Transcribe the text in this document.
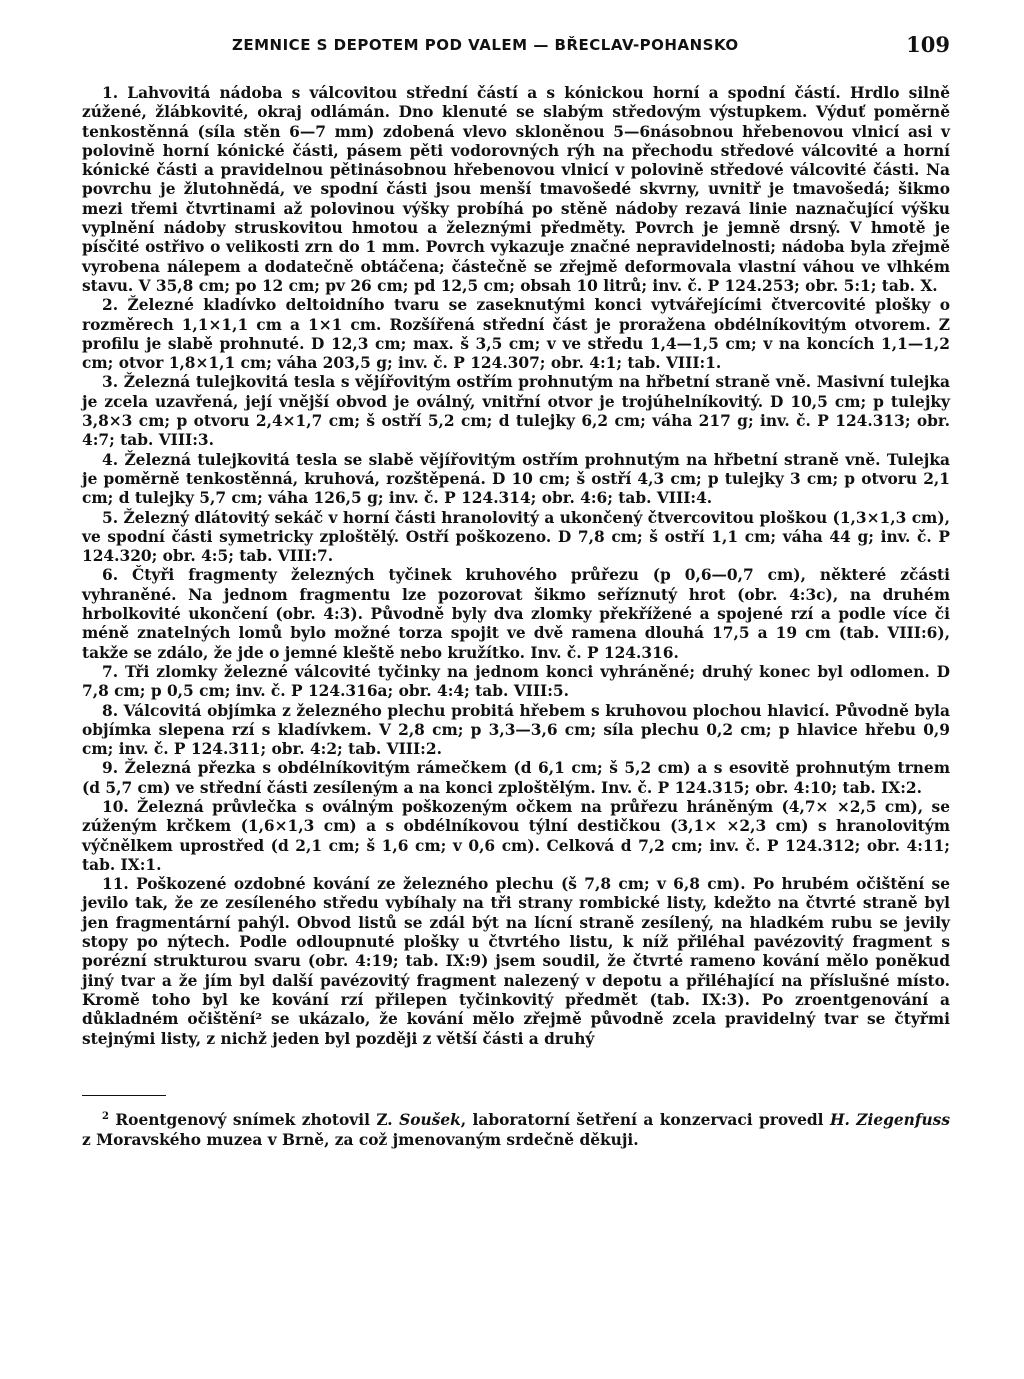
ZEMNICE S DEPOTEM POD VALEM — BŘECLAV-POHANSKO	109

1. Lahvovitá nádoba s válcovitou střední částí a s kónickou horní a spodní částí. Hrdlo silně zúžené, žlábkovité, okraj odlámán. Dno klenuté se slabým středovým výstupkem. Výduť poměrně tenkostěnná (síla stěn 6—7 mm) zdobená vlevo skloněnou 5—6násobnou hřebenovou vlnicí asi v polovině horní kónické části, pásem pěti vodorovných rýh na přechodu středové válcovité a horní kónické části a pravidelnou pětinásobnou hřebenovou vlnicí v polovině středové válcovité části. Na povrchu je žlutohnědá, ve spodní části jsou menší tmavošedé skvrny, uvnitř je tmavošedá; šikmo mezi třemi čtvrtinami až polovinou výšky probíhá po stěně nádoby rezavá linie naznačující výšku vyplnění nádoby struskovitou hmotou a železnými předměty. Povrch je jemně drsný. V hmotě je písčité ostřivo o velikosti zrn do 1 mm. Povrch vykazuje značné nepravidelnosti; nádoba byla zřejmě vyrobena nálepem a dodatečně obtáčena; částečně se zřejmě deformovala vlastní váhou ve vlhkém stavu. V 35,8 cm; po 12 cm; pv 26 cm; pd 12,5 cm; obsah 10 litrů; inv. č. P 124.253; obr. 5:1; tab. X.

2. Železné kladívko deltoidního tvaru se zaseknutými konci vytvářejícími čtvercovité plošky o rozměrech 1,1×1,1 cm a 1×1 cm. Rozšířená střední část je proražena obdélníkovitým otvorem. Z profilu je slabě prohnuté. D 12,3 cm; max. š 3,5 cm; v ve středu 1,4—1,5 cm; v na koncích 1,1—1,2 cm; otvor 1,8×1,1 cm; váha 203,5 g; inv. č. P 124.307; obr. 4:1; tab. VIII:1.

3. Železná tulejkovitá tesla s vějířovitým ostřím prohnutým na hřbetní straně vně. Masivní tulejka je zcela uzavřená, její vnější obvod je oválný, vnitřní otvor je trojúhelníkovitý. D 10,5 cm; p tulejky 3,8×3 cm; p otvoru 2,4×1,7 cm; š ostří 5,2 cm; d tulejky 6,2 cm; váha 217 g; inv. č. P 124.313; obr. 4:7; tab. VIII:3.

4. Železná tulejkovitá tesla se slabě vějířovitým ostřím prohnutým na hřbetní straně vně. Tulejka je poměrně tenkostěnná, kruhová, rozštěpená. D 10 cm; š ostří 4,3 cm; p tulejky 3 cm; p otvoru 2,1 cm; d tulejky 5,7 cm; váha 126,5 g; inv. č. P 124.314; obr. 4:6; tab. VIII:4.

5. Železný dlátovitý sekáč v horní části hranolovitý a ukončený čtvercovitou ploškou (1,3×1,3 cm), ve spodní části symetricky zploštělý. Ostří poškozeno. D 7,8 cm; š ostří 1,1 cm; váha 44 g; inv. č. P 124.320; obr. 4:5; tab. VIII:7.

6. Čtyři fragmenty železných tyčinek kruhového průřezu (p 0,6—0,7 cm), některé zčásti vyhraněné. Na jednom fragmentu lze pozorovat šikmo seříznutý hrot (obr. 4:3c), na druhém hrbolkovité ukončení (obr. 4:3). Původně byly dva zlomky překřížené a spojené rzí a podle více či méně znatelných lomů bylo možné torza spojit ve dvě ramena dlouhá 17,5 a 19 cm (tab. VIII:6), takže se zdálo, že jde o jemné kleště nebo kružítko. Inv. č. P 124.316.

7. Tři zlomky železné válcovité tyčinky na jednom konci vyhráněné; druhý konec byl odlomen. D 7,8 cm; p 0,5 cm; inv. č. P 124.316a; obr. 4:4; tab. VIII:5.

8. Válcovitá objímka z železného plechu probitá hřebem s kruhovou plochou hlavicí. Původně byla objímka slepena rzí s kladívkem. V 2,8 cm; p 3,3—3,6 cm; síla plechu 0,2 cm; p hlavice hřebu 0,9 cm; inv. č. P 124.311; obr. 4:2; tab. VIII:2.

9. Železná přezka s obdélníkovitým rámečkem (d 6,1 cm; š 5,2 cm) a s esovitě prohnutým trnem (d 5,7 cm) ve střední části zesíleným a na konci zploštělým. Inv. č. P 124.315; obr. 4:10; tab. IX:2.

10. Železná průvlečka s oválným poškozeným očkem na průřezu hráněným (4,7× ×2,5 cm), se zúženým krčkem (1,6×1,3 cm) a s obdélníkovou týlní destičkou (3,1× ×2,3 cm) s hranolovitým výčnělkem uprostřed (d 2,1 cm; š 1,6 cm; v 0,6 cm). Celková d 7,2 cm; inv. č. P 124.312; obr. 4:11; tab. IX:1.

11. Poškozené ozdobné kování ze železného plechu (š 7,8 cm; v 6,8 cm). Po hrubém očištění se jevilo tak, že ze zesíleného středu vybíhaly na tři strany rombické listy, kdežto na čtvrté straně byl jen fragmentární pahýl. Obvod listů se zdál být na lícní straně zesílený, na hladkém rubu se jevily stopy po nýtech. Podle odloupnuté plošky u čtvrtého listu, k níž přiléhal pavézovitý fragment s porézní strukturou svaru (obr. 4:19; tab. IX:9) jsem soudil, že čtvrté rameno kování mělo poněkud jiný tvar a že jím byl další pavézovitý fragment nalezený v depotu a přiléhající na příslušné místo. Kromě toho byl ke kování rzí přilepen tyčinkovitý předmět (tab. IX:3). Po zroentgenování a důkladném očištění² se ukázalo, že kování mělo zřejmě původně zcela pravidelný tvar se čtyřmi stejnými listy, z nichž jeden byl později z větší části a druhý

$^2$ Roentgenový snímek zhotovil Z. Soušek, laboratorní šetření a konzervaci provedl H. Ziegenfuss z Moravského muzea v Brně, za což jmenovaným srdečně děkuji.
